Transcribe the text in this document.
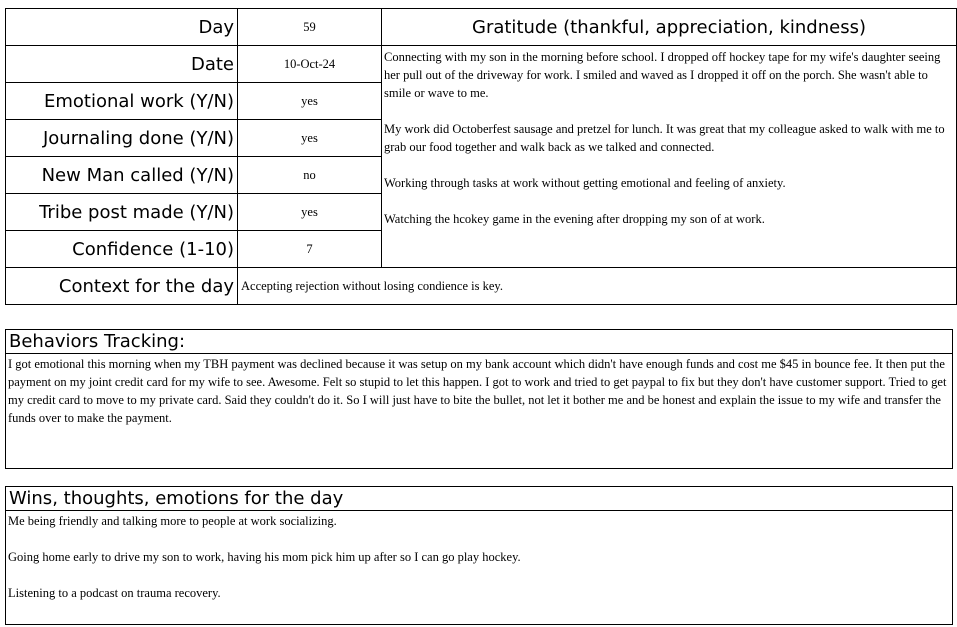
Day	59	Gratitude (thankful, appreciation, kindness)
Date	10-Oct-24	Connecting with my son in the morning before school. I dropped off hockey tape for my wife's daughter seeing her pull out of the driveway for work. I smiled and waved as I dropped it off on the porch. She wasn't able to smile or wave to me.

My work did Octoberfest sausage and pretzel for lunch. It was great that my colleague asked to walk with me to grab our food together and walk back as we talked and connected.

Working through tasks at work without getting emotional and feeling of anxiety.

Watching the hcokey game in the evening after dropping my son of at work.

Emotional work (Y/N)	yes	
Journaling done (Y/N)	yes	
New Man called (Y/N)	no	
Tribe post made (Y/N)	yes	
Confidence (1-10)	7	
Context for the day	Accepting rejection without losing condience is key.	
Behaviors Tracking:
I got emotional this morning when my TBH payment was declined because it was setup on my bank account which didn't have enough funds and cost me $45 in bounce fee. It then put the payment on my joint credit card for my wife to see. Awesome. Felt so stupid to let this happen. I got to work and tried to get paypal to fix but they don't have customer support. Tried to get my credit card to move to my private card. Said they couldn't do it. So I will just have to bite the bullet, not let it bother me and be honest and explain the issue to my wife and transfer the funds over to make the payment.
Wins, thoughts, emotions for the day

Me being friendly and talking more to people at work socializing.

Going home early to drive my son to work, having his mom pick him up after so I can go play hockey.

Listening to a podcast on trauma recovery.
